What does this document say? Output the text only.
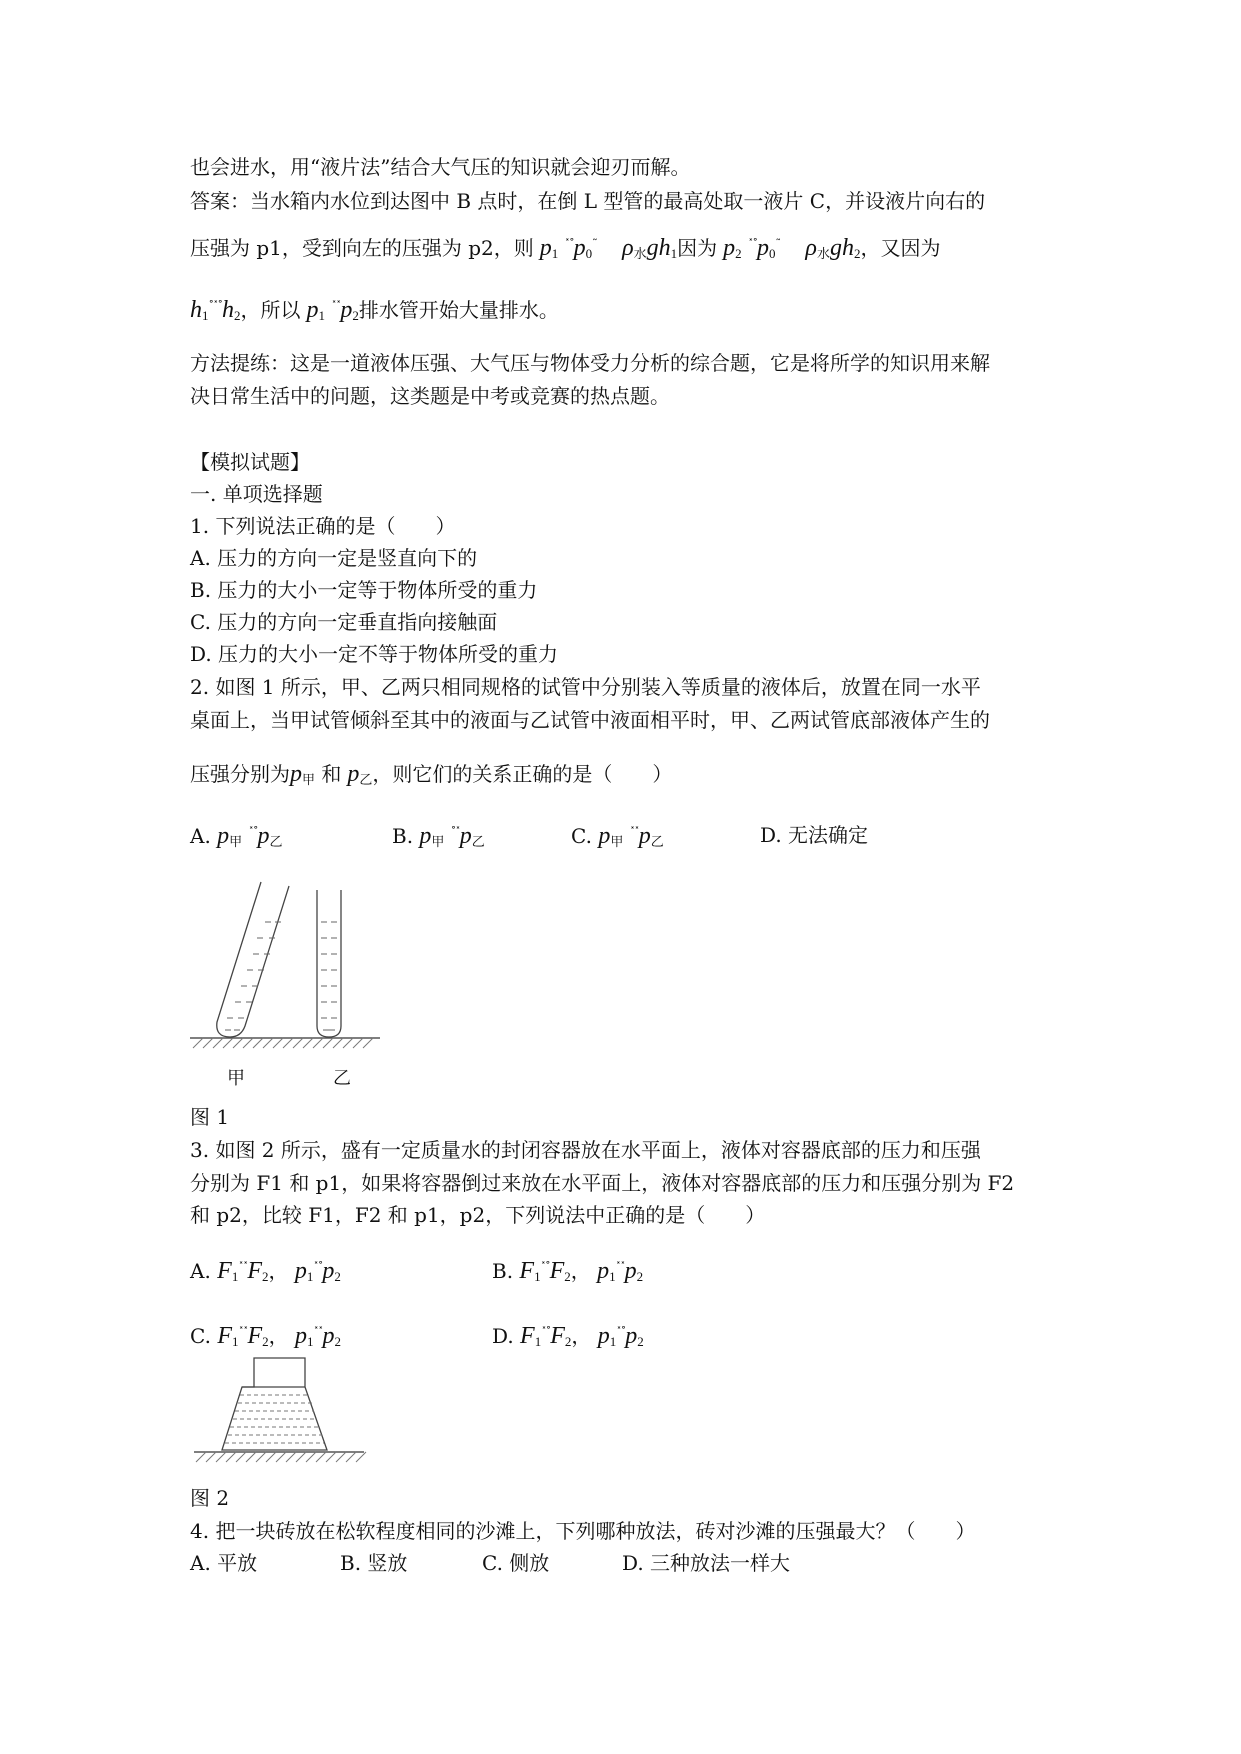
也会进水，用“液片法”结合大气压的知识就会迎刃而解。
答案：当水箱内水位到达图中 B 点时，在倒 L 型管的最高处取一液片 C，并设液片向右的
压强为 p1，受到向左的压强为 p2，则 $p_1$ $^{˟˚}p_0^˜$ $\rho_水gh_1$因为 $p_2$ $^{˟˚}p_0^˜$ $\rho_水gh_2$，又因为
$h_1^{˚˟˚}h_2$，所以 $p_1$ $^{˟˟}p_2$排水管开始大量排水。
方法提练：这是一道液体压强、大气压与物体受力分析的综合题，它是将所学的知识用来解
决日常生活中的问题，这类题是中考或竞赛的热点题。
【模拟试题】
一. 单项选择题
1. 下列说法正确的是（　　）
A. 压力的方向一定是竖直向下的
B. 压力的大小一定等于物体所受的重力
C. 压力的方向一定垂直指向接触面
D. 压力的大小一定不等于物体所受的重力
2. 如图 1 所示，甲、乙两只相同规格的试管中分别装入等质量的液体后，放置在同一水平
桌面上，当甲试管倾斜至其中的液面与乙试管中液面相平时，甲、乙两试管底部液体产生的
压强分别为$p_甲$ 和 $p_乙$，则它们的关系正确的是（　　）
A. $p_甲$ $^{˟˚}p_乙$	B. $p_甲$ $^{˚˟}p_乙$	C. $p_甲$ $^{˟˟}p_乙$	D. 无法确定
甲	乙
图 1
3. 如图 2 所示，盛有一定质量水的封闭容器放在水平面上，液体对容器底部的压力和压强
分别为 F1 和 p1，如果将容器倒过来放在水平面上，液体对容器底部的压力和压强分别为 F2
和 p2，比较 F1，F2 和 p1，p2，下列说法中正确的是（　　）
A. $F_1^{˟˟}F_2$， $p_1^{˟˚}p_2$	B. $F_1^{˟˚}F_2$， $p_1^{˟˟}p_2$
C. $F_1^{˟˟}F_2$， $p_1^{˟˟}p_2$	D. $F_1^{˟˚}F_2$， $p_1^{˟˚}p_2$
图 2
4. 把一块砖放在松软程度相同的沙滩上，下列哪种放法，砖对沙滩的压强最大？（　　）
A. 平放	B. 竖放	C. 侧放	D. 三种放法一样大
